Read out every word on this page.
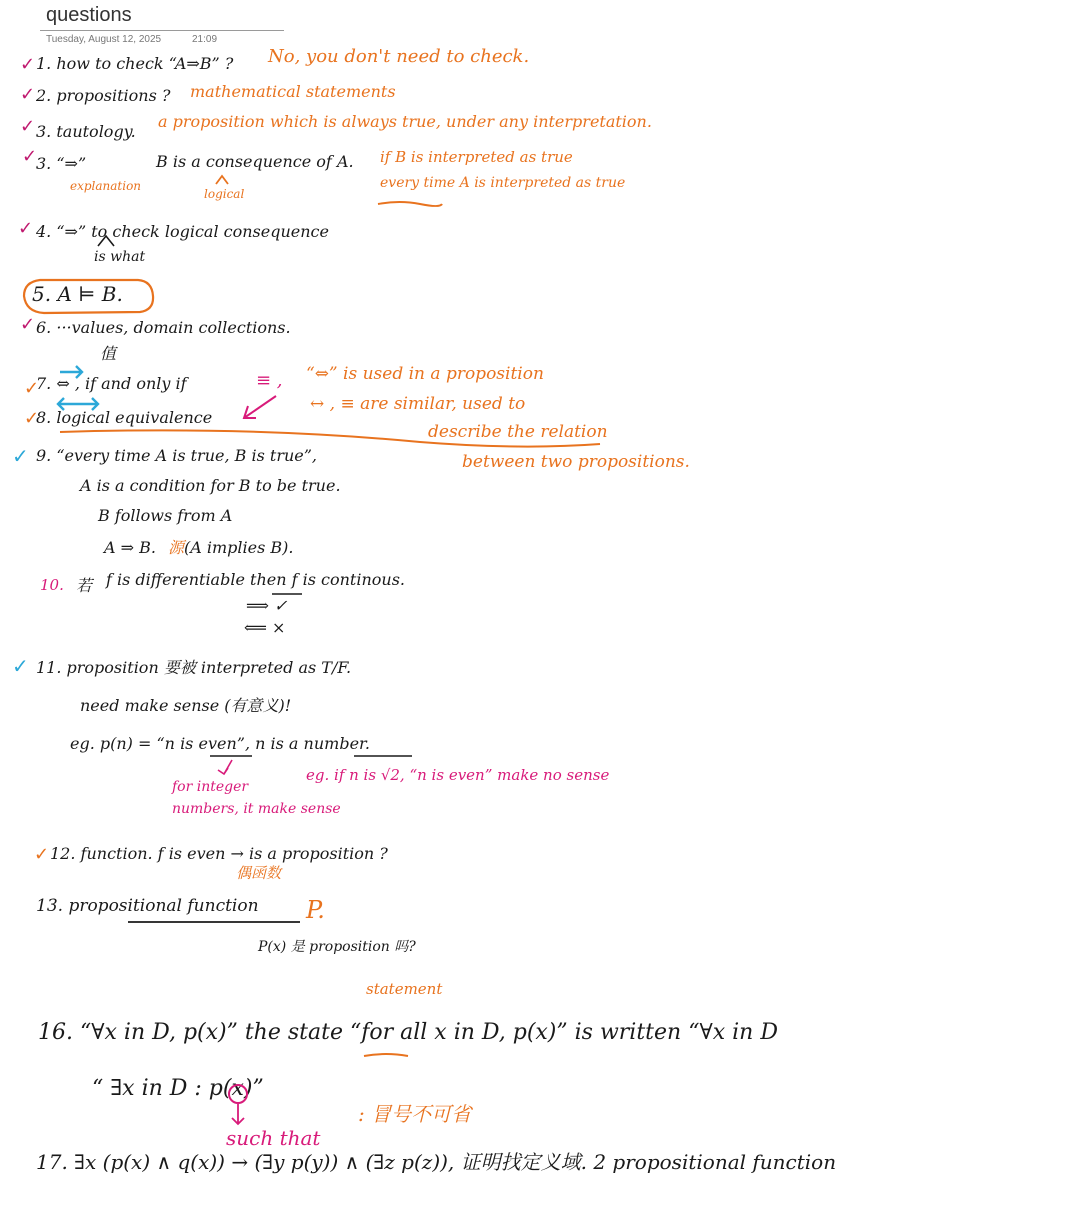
questions
Tuesday, August 12, 2025	21:09
✓
✓
✓
✓
✓
✓
✓
✓
✓
✓
✓
1. how to check “A⇒B” ? No, you don't need to check.
2. propositions ? mathematical statements
3. tautology.
a proposition which is always true, under any interpretation.
3. “⇒”
explanation
B is a consequence of A.
logical
if B is interpreted as true
every time A is interpreted as true
4. “⇒” to check logical consequence
is what
5. A ⊨ B.
6. ···values, domain collections.
值
7. ⇔ , if and only if	≡ , “⇔” is used in a proposition
↔ , ≡ are similar, used to
describe the relation
between two propositions.
8. logical equivalence
9. “every time A is true, B is true”,
A is a condition for B to be true.
B follows from A
A ⇒ B. 源 (A implies B).
10. 若 f is differentiable then f is continous.
⟹ ✓
⟸ ×
11. proposition 要被 interpreted as T/F.
need make sense (有意义)!
eg. p(n) = “n is even”, n is a number.
for integer
numbers, it make sense
eg. if n is √2, “n is even” make no sense
12. function. f is even → is a proposition ?
偶函数
13. propositional function P.
P(x) 是 proposition 吗?
statement
16. “∀x in D, p(x)” the state “for all x in D, p(x)” is written “∀x in D
“ ∃x in D : p(x)”
such that
: 冒号不可省
17. ∃x (p(x) ∧ q(x)) → (∃y p(y)) ∧ (∃z p(z)), 证明找定义域. 2 propositional function
